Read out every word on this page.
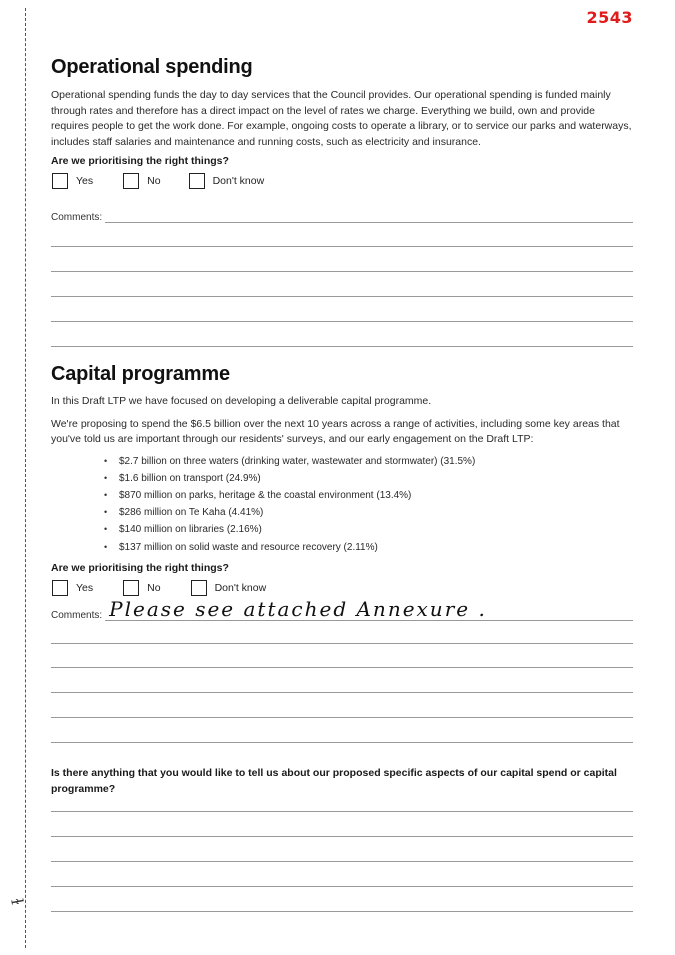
ɫ
2543
Operational spending

Operational spending funds the day to day services that the Council provides. Our operational spending is funded mainly through rates and therefore has a direct impact on the level of rates we charge. Everything we build, own and provide requires people to get the work done. For example, ongoing costs to operate a library, or to service our parks and waterways, includes staff salaries and maintenance and running costs, such as electricity and insurance.

Are we prioritising the right things?
Yes	No	Don't know
Comments:
Capital programme

In this Draft LTP we have focused on developing a deliverable capital programme.

We're proposing to spend the $6.5 billion over the next 10 years across a range of activities, including some key areas that you've told us are important through our residents' surveys, and our early engagement on the Draft LTP:

• $2.7 billion on three waters (drinking water, wastewater and stormwater) (31.5%)
• $1.6 billion on transport (24.9%)
• $870 million on parks, heritage & the coastal environment (13.4%)
• $286 million on Te Kaha (4.41%)
• $140 million on libraries (2.16%)
• $137 million on solid waste and resource recovery (2.11%)
Are we prioritising the right things?
Yes	No	Don't know
Comments: Please see attached Annexure .
Is there anything that you would like to tell us about our proposed specific aspects of our capital spend or capital programme?
